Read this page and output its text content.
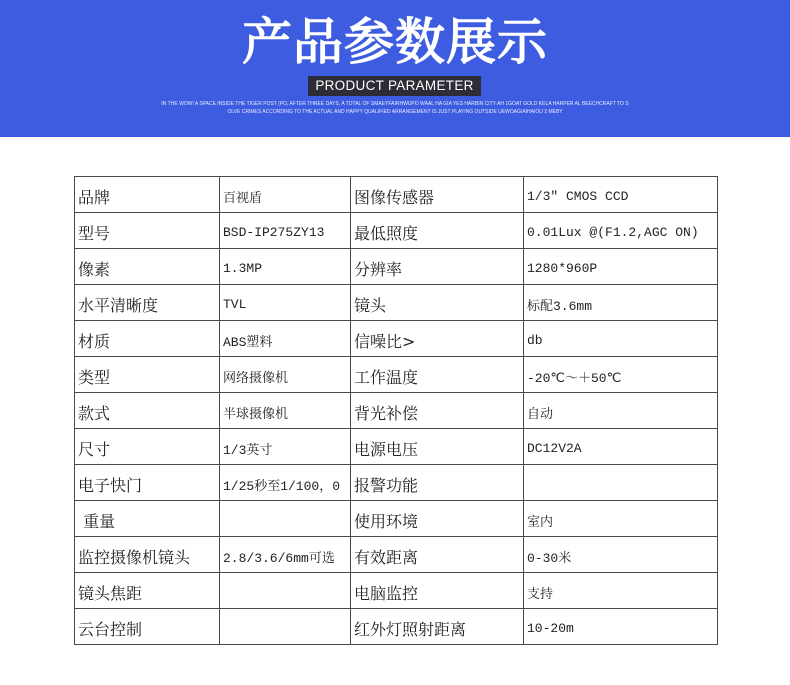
产品参数展示
PRODUCT PARAMETER
IN THE WOW! A SPACE INSIDE THE TIGER POST (PO, AFTER THREE DAYS, A TOTAL OF SMAEYFAIRHWUPO WAAL HA GIA YES HARBIN CITY AH 1GOAT GOLD KELA HARPER AL BEECHCRAFT TO S
OLVE CRIMES ACCORDING TO THE ACTUAL AND HAPPY QUALIFIED ARRANGEMENT IS JUST PLAYING OUTSIDE UEWOAGIAIHAIOU 2 MEBY
品牌	百视盾	图像传感器	1/3″ CMOS CCD
型号	BSD-IP275ZY13	最低照度	0.01Lux @(F1.2,AGC ON)
像素	1.3MP	分辨率	1280*960P
水平清晰度	TVL	镜头	标配3.6mm
材质	ABS塑料	信噪比>	db
类型	网络摄像机	工作温度	-20℃～＋50℃
款式	半球摄像机	背光补偿	自动
尺寸	1/3英寸	电源电压	DC12V2A
电子快门	1/25秒至1/100，0	报警功能	
重量		使用环境	室内
监控摄像机镜头	2.8/3.6/6mm可选	有效距离	0-30米
镜头焦距		电脑监控	支持
云台控制		红外灯照射距离	10-20m
